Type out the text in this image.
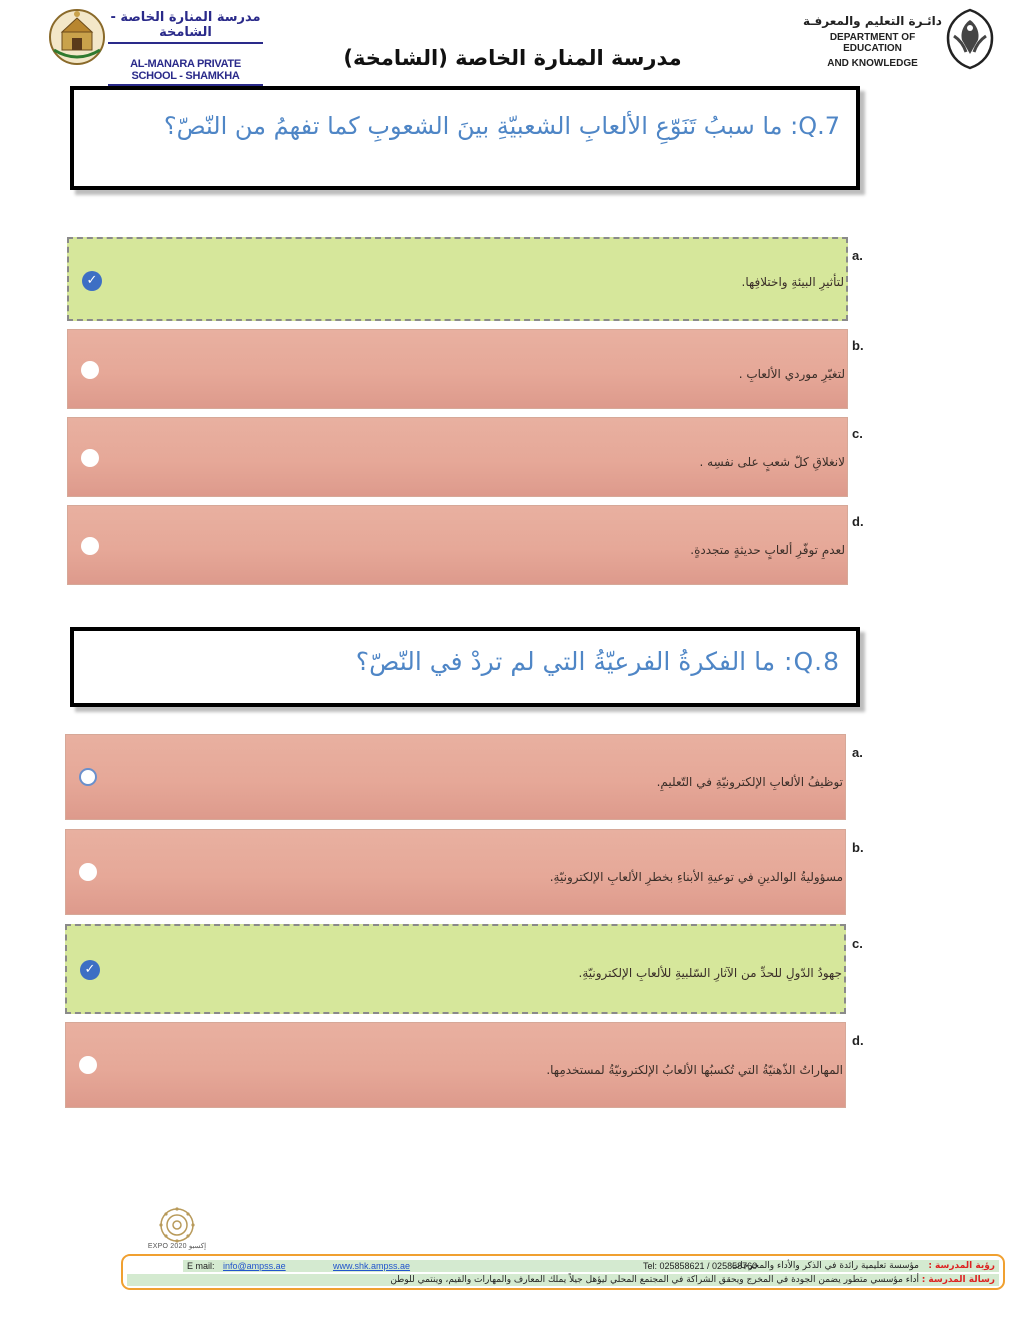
مدرسة المنارة الخاصة - الشامخة
AL-MANARA PRIVATE SCHOOL - SHAMKHA
مدرسة المنارة الخاصة (الشامخة)
دائـرة التعليم والمعرفـة
DEPARTMENT OF EDUCATION
AND KNOWLEDGE
Q.7: ما سببُ تَنَوّعِ الألعابِ الشعبيّةِ بينَ الشعوبِ كما تفهمُ من النّصّ؟
✓	لتأثيرِ البيئةِ واختلافِها.
a.
لتغيّرِ موردي الألعابِ .
b.
لانغلاقِ كلّ شعبٍ على نفسِه .
c.
لعدمِ توفّرِ ألعابٍ حديثةٍ متجددةٍ.
d.
Q.8: ما الفكرةُ الفرعيّةُ التي لم تردْ في النّصّ؟
توظيفُ الألعابِ الإلكترونيّةِ في التّعليمِ.
a.
مسؤوليةُ الوالدينِ في توعيةِ الأبناءِ بخطرِ الألعابِ الإلكترونيّةِ.
b.
✓	جهودُ الدّولِ للحدِّ من الآثارِ السّلبيةِ للألعابِ الإلكترونيّةِ.
c.
المهاراتُ الذّهنيّةُ التي تُكسبُها الألعابُ الإلكترونيّةُ لمستخدمِها.
d.
EXPO 2020 إكسبو
رؤية المدرسة :
مؤسسة تعليمية رائدة في الذكر والأداء والمخرجات
Tel: 025858621 / 025858760
www.shk.ampss.ae
info@ampss.ae
E mail:
رسالة المدرسة :
أداء مؤسسي متطور يضمن الجودة في المخرج ويحقق الشراكة في المجتمع المحلي ليؤهل جيلاً يملك المعارف والمهارات والقيم، وينتمي للوطن
